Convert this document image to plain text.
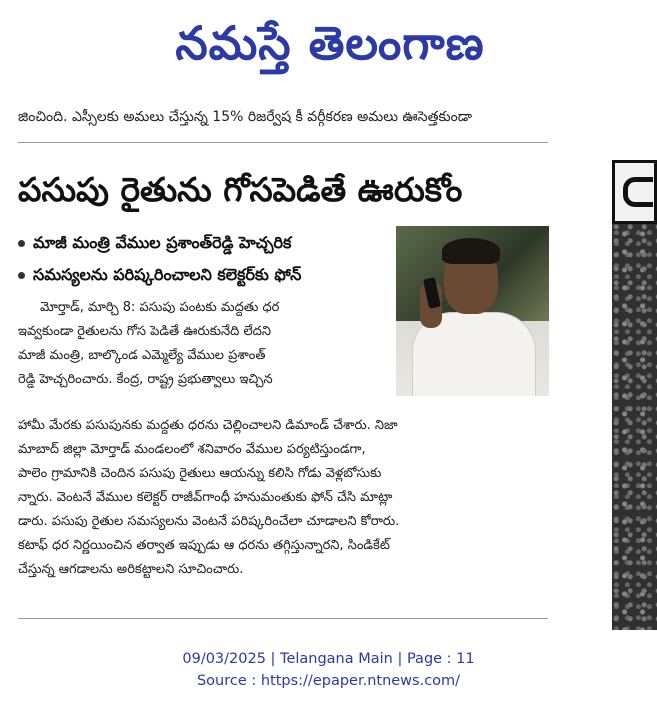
నమస్తే తెలంగాణ
జించింది. ఎస్సీలకు అమలు చేస్తున్న 15% రిజర్వేష కీ వర్గీకరణ అమలు ఊసెత్తకుండా
పసుపు రైతును గోసపెడితే ఊరుకోం
మాజీ మంత్రి వేముల ప్రశాంత్‌రెడ్డి హెచ్చరిక
సమస్యలను పరిష్కరించాలని కలెక్టర్‌కు ఫోన్
మోర్తాడ్, మార్చి 8: పసుపు పంటకు మద్దతు ధర
ఇవ్వకుండా రైతులను గోస పెడితే ఊరుకునేది లేదని
మాజీ మంత్రి, బాల్కొండ ఎమ్మెల్యే వేముల ప్రశాంత్
రెడ్డి హెచ్చరించారు. కేంద్ర, రాష్ట్ర ప్రభుత్వాలు ఇచ్చిన
హామీ మేరకు పసుపునకు మద్దతు ధరను చెల్లించాలని డిమాండ్ చేశారు. నిజా
మాబాద్ జిల్లా మోర్తాడ్ మండలంలో శనివారం వేముల పర్యటిస్తుండగా,
పాలెం గ్రామానికి చెందిన పసుపు రైతులు ఆయన్ను కలిసి గోడు వెళ్లబోసుకు
న్నారు. వెంటనే వేముల కలెక్టర్ రాజీవ్‌గాంధీ హనుమంతుకు ఫోన్ చేసి మాట్లా
డారు. పసుపు రైతుల సమస్యలను వెంటనే పరిష్కరించేలా చూడాలని కోరారు.
కటాఫ్ ధర నిర్ణయించిన తర్వాత ఇప్పుడు ఆ ధరను తగ్గిస్తున్నారని, సిండికేట్
చేస్తున్న ఆగడాలను అరికట్టాలని సూచించారు.
09/03/2025 | Telangana Main | Page : 11
Source : https://epaper.ntnews.com/
